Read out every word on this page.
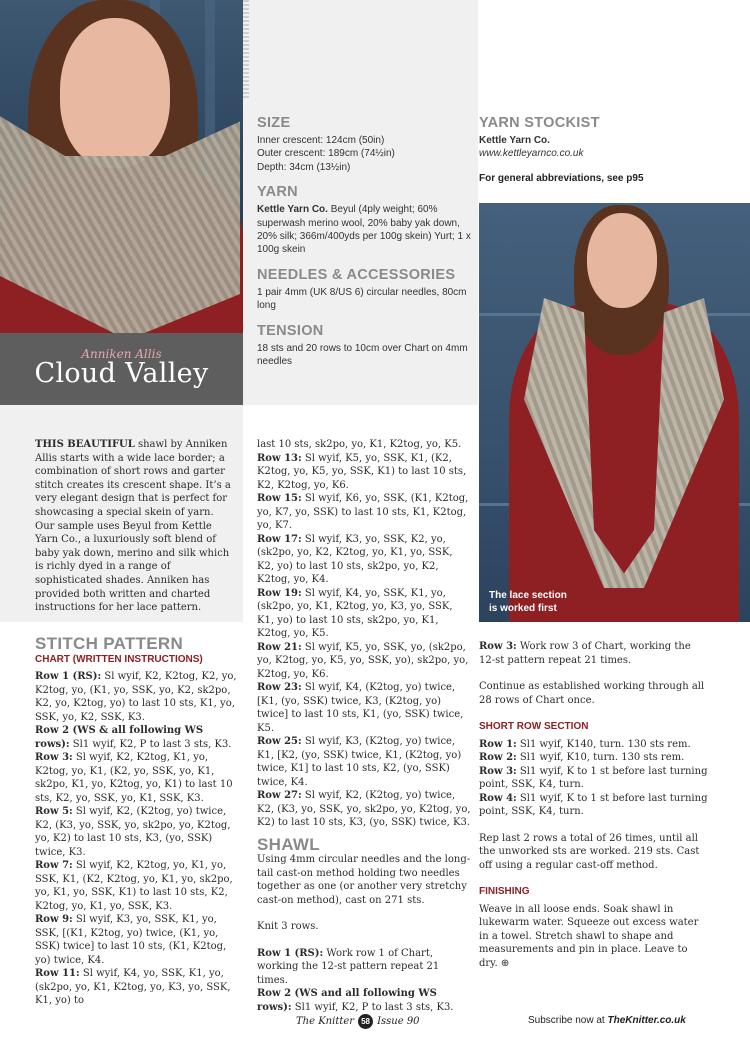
Anniken Allis
Cloud Valley
SIZE
Inner crescent: 124cm (50in)
Outer crescent: 189cm (74½in)
Depth: 34cm (13½in)
YARN
Kettle Yarn Co. Beyul (4ply weight; 60% superwash merino wool, 20% baby yak down, 20% silk; 366m/400yds per 100g skein) Yurt; 1 x 100g skein
NEEDLES & ACCESSORIES
1 pair 4mm (UK 8/US 6) circular needles, 80cm long
TENSION
18 sts and 20 rows to 10cm over Chart on 4mm needles
YARN STOCKIST
Kettle Yarn Co.
www.kettleyarnco.co.uk
For general abbreviations, see p95
The lace section
is worked first
THIS BEAUTIFUL shawl by Anniken Allis starts with a wide lace border; a combination of short rows and garter stitch creates its crescent shape. It’s a very elegant design that is perfect for showcasing a special skein of yarn. Our sample uses Beyul from Kettle Yarn Co., a luxuriously soft blend of baby yak down, merino and silk which is richly dyed in a range of sophisticated shades. Anniken has provided both written and charted instructions for her lace pattern.
STITCH PATTERN
CHART (WRITTEN INSTRUCTIONS)

Row 1 (RS): Sl wyif, K2, K2tog, K2, yo, K2tog, yo, (K1, yo, SSK, yo, K2, sk2po, K2, yo, K2tog, yo) to last 10 sts, K1, yo, SSK, yo, K2, SSK, K3.

Row 2 (WS & all following WS rows): Sl1 wyif, K2, P to last 3 sts, K3.

Row 3: Sl wyif, K2, K2tog, K1, yo, K2tog, yo, K1, (K2, yo, SSK, yo, K1, sk2po, K1, yo, K2tog, yo, K1) to last 10 sts, K2, yo, SSK, yo, K1, SSK, K3.

Row 5: Sl wyif, K2, (K2tog, yo) twice, K2, (K3, yo, SSK, yo, sk2po, yo, K2tog, yo, K2) to last 10 sts, K3, (yo, SSK) twice, K3.

Row 7: Sl wyif, K2, K2tog, yo, K1, yo, SSK, K1, (K2, K2tog, yo, K1, yo, sk2po, yo, K1, yo, SSK, K1) to last 10 sts, K2, K2tog, yo, K1, yo, SSK, K3.

Row 9: Sl wyif, K3, yo, SSK, K1, yo, SSK, [(K1, K2tog, yo) twice, (K1, yo, SSK) twice] to last 10 sts, (K1, K2tog, yo) twice, K4.

Row 11: Sl wyif, K4, yo, SSK, K1, yo, (sk2po, yo, K1, K2tog, yo, K3, yo, SSK, K1, yo) to

last 10 sts, sk2po, yo, K1, K2tog, yo, K5.

Row 13: Sl wyif, K5, yo, SSK, K1, (K2, K2tog, yo, K5, yo, SSK, K1) to last 10 sts, K2, K2tog, yo, K6.

Row 15: Sl wyif, K6, yo, SSK, (K1, K2tog, yo, K7, yo, SSK) to last 10 sts, K1, K2tog, yo, K7.

Row 17: Sl wyif, K3, yo, SSK, K2, yo, (sk2po, yo, K2, K2tog, yo, K1, yo, SSK, K2, yo) to last 10 sts, sk2po, yo, K2, K2tog, yo, K4.

Row 19: Sl wyif, K4, yo, SSK, K1, yo, (sk2po, yo, K1, K2tog, yo, K3, yo, SSK, K1, yo) to last 10 sts, sk2po, yo, K1, K2tog, yo, K5.

Row 21: Sl wyif, K5, yo, SSK, yo, (sk2po, yo, K2tog, yo, K5, yo, SSK, yo), sk2po, yo, K2tog, yo, K6.

Row 23: Sl wyif, K4, (K2tog, yo) twice, [K1, (yo, SSK) twice, K3, (K2tog, yo) twice] to last 10 sts, K1, (yo, SSK) twice, K5.

Row 25: Sl wyif, K3, (K2tog, yo) twice, K1, [K2, (yo, SSK) twice, K1, (K2tog, yo) twice, K1] to last 10 sts, K2, (yo, SSK) twice, K4.

Row 27: Sl wyif, K2, (K2tog, yo) twice, K2, (K3, yo, SSK, yo, sk2po, yo, K2tog, yo, K2) to last 10 sts, K3, (yo, SSK) twice, K3.

SHAWL

Using 4mm circular needles and the long-tail cast-on method holding two needles together as one (or another very stretchy cast-on method), cast on 271 sts.

Knit 3 rows.

Row 1 (RS): Work row 1 of Chart, working the 12-st pattern repeat 21 times.

Row 2 (WS and all following WS rows): Sl1 wyif, K2, P to last 3 sts, K3.

Row 3: Work row 3 of Chart, working the 12-st pattern repeat 21 times.

Continue as established working through all 28 rows of Chart once.

SHORT ROW SECTION

Row 1: Sl1 wyif, K140, turn. 130 sts rem.

Row 2: Sl1 wyif, K10, turn. 130 sts rem.

Row 3: Sl1 wyif, K to 1 st before last turning point, SSK, K4, turn.

Row 4: Sl1 wyif, K to 1 st before last turning point, SSK, K4, turn.

Rep last 2 rows a total of 26 times, until all the unworked sts are worked. 219 sts. Cast off using a regular cast-off method.

FINISHING

Weave in all loose ends. Soak shawl in lukewarm water. Squeeze out excess water in a towel. Stretch shawl to shape and measurements and pin in place. Leave to dry. ⊕

The Knitter 58 Issue 90	Subscribe now at TheKnitter.co.uk
